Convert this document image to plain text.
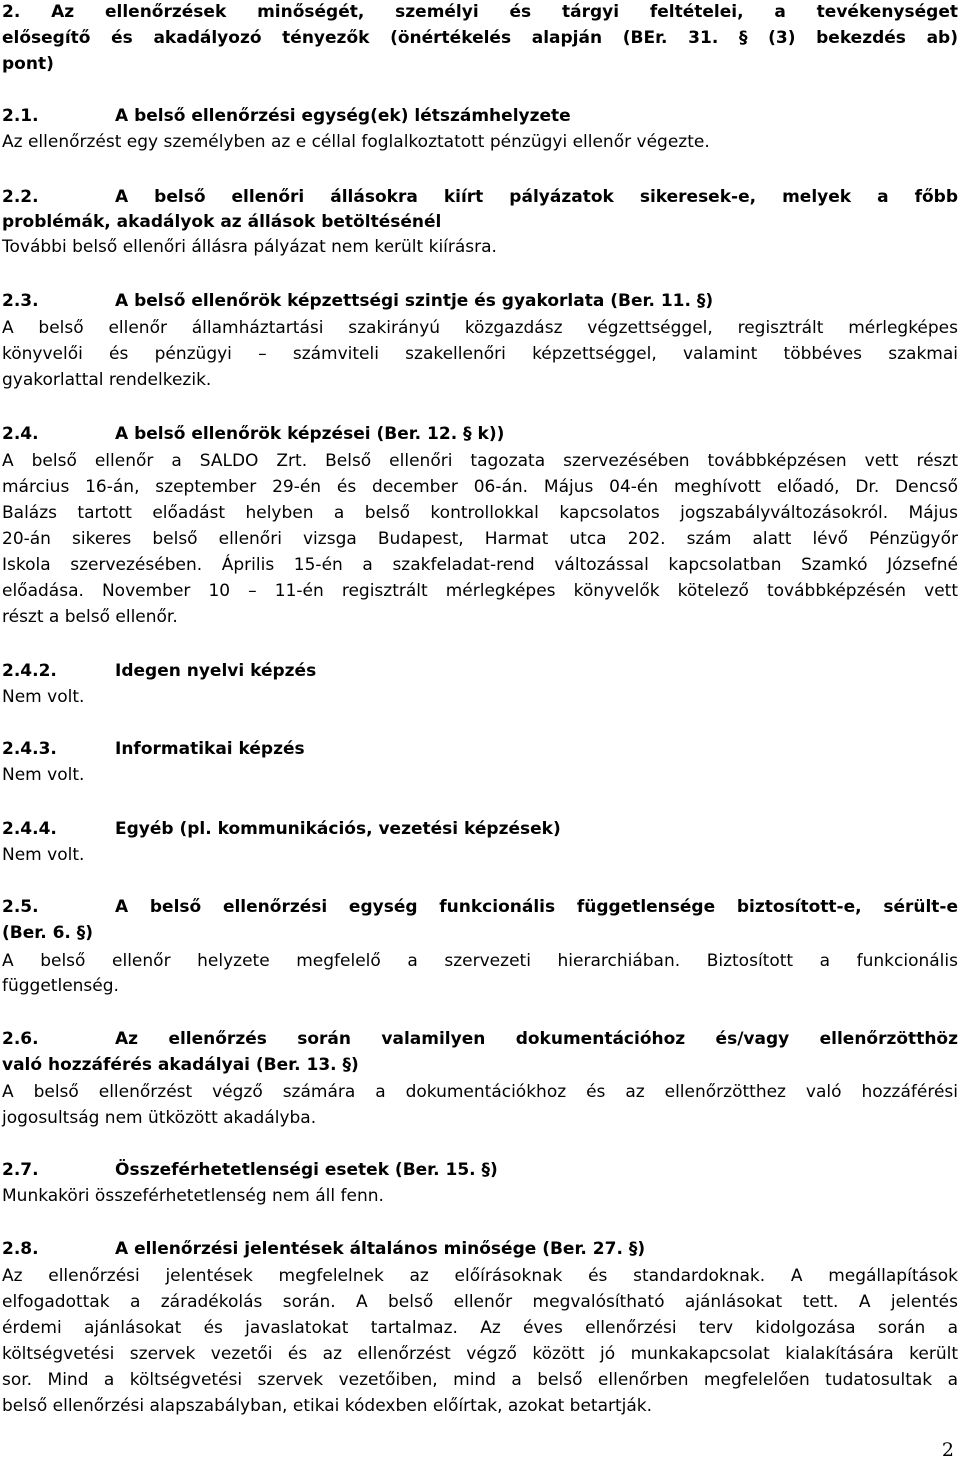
2. Az ellenőrzések minőségét, személyi és tárgyi feltételei, a tevékenységet
elősegítő és akadályozó tényezők (önértékelés alapján (BEr. 31. § (3) bekezdés ab)
pont)
2.1.	A belső ellenőrzési egység(ek) létszámhelyzete
Az ellenőrzést egy személyben az e céllal foglalkoztatott pénzügyi ellenőr végezte.
2.2.	A belső ellenőri állásokra kiírt pályázatok sikeresek-e, melyek a főbb
problémák, akadályok az állások betöltésénél
További belső ellenőri állásra pályázat nem került kiírásra.
2.3.	A belső ellenőrök képzettségi szintje és gyakorlata (Ber. 11. §)
A belső ellenőr államháztartási szakirányú közgazdász végzettséggel, regisztrált mérlegképes
könyvelői és pénzügyi – számviteli szakellenőri képzettséggel, valamint többéves szakmai
gyakorlattal rendelkezik.
2.4.	A belső ellenőrök képzései (Ber. 12. § k))
A belső ellenőr a SALDO Zrt. Belső ellenőri tagozata szervezésében továbbképzésen vett részt
március 16-án, szeptember 29-én és december 06-án. Május 04-én meghívott előadó, Dr. Dencső
Balázs tartott előadást helyben a belső kontrollokkal kapcsolatos jogszabályváltozásokról. Május
20-án sikeres belső ellenőri vizsga Budapest, Harmat utca 202. szám alatt lévő Pénzügyőr
Iskola szervezésében. Április 15-én a szakfeladat-rend változással kapcsolatban Szamkó Józsefné
előadása. November 10 – 11-én regisztrált mérlegképes könyvelők kötelező továbbképzésén vett
részt a belső ellenőr.
2.4.2.	Idegen nyelvi képzés
Nem volt.
2.4.3.	Informatikai képzés
Nem volt.
2.4.4.	Egyéb (pl. kommunikációs, vezetési képzések)
Nem volt.
2.5.	A belső ellenőrzési egység funkcionális függetlensége biztosított-e, sérült-e
(Ber. 6. §)
A belső ellenőr helyzete megfelelő a szervezeti hierarchiában. Biztosított a funkcionális
függetlenség.
2.6.	Az ellenőrzés során valamilyen dokumentációhoz és/vagy ellenőrzötthöz
való hozzáférés akadályai (Ber. 13. §)
A belső ellenőrzést végző számára a dokumentációkhoz és az ellenőrzötthez való hozzáférési
jogosultság nem ütközött akadályba.
2.7.	Összeférhetetlenségi esetek (Ber. 15. §)
Munkaköri összeférhetetlenség nem áll fenn.
2.8.	A ellenőrzési jelentések általános minősége (Ber. 27. §)
Az ellenőrzési jelentések megfelelnek az előírásoknak és standardoknak. A megállapítások
elfogadottak a záradékolás során. A belső ellenőr megvalósítható ajánlásokat tett. A jelentés
érdemi ajánlásokat és javaslatokat tartalmaz. Az éves ellenőrzési terv kidolgozása során a
költségvetési szervek vezetői és az ellenőrzést végző között jó munkakapcsolat kialakítására került
sor. Mind a költségvetési szervek vezetőiben, mind a belső ellenőrben megfelelően tudatosultak a
belső ellenőrzési alapszabályban, etikai kódexben előírtak, azokat betartják.
2
